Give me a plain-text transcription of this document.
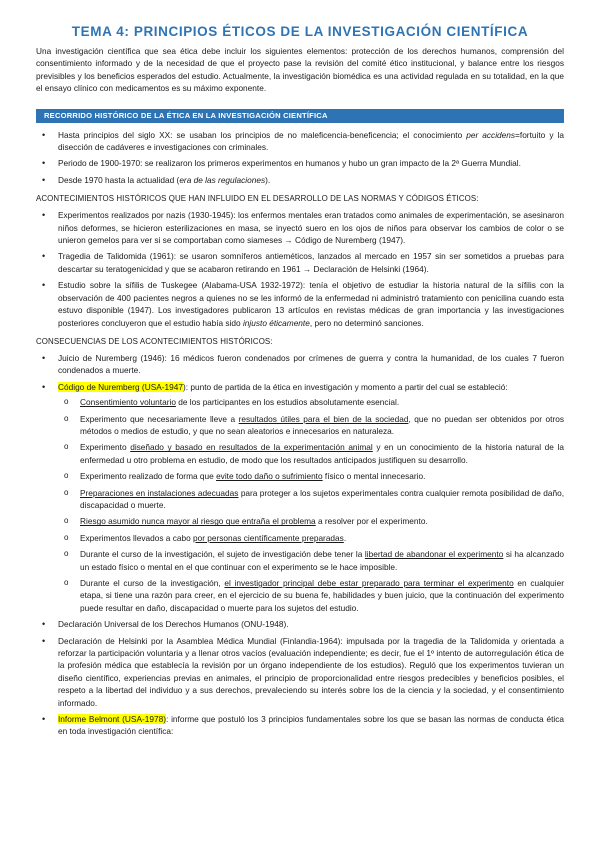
TEMA 4: PRINCIPIOS ÉTICOS DE LA INVESTIGACIÓN CIENTÍFICA

Una investigación científica que sea ética debe incluir los siguientes elementos: protección de los derechos humanos, comprensión del consentimiento informado y de la necesidad de que el proyecto pase la revisión del comité ético institucional, y balance entre los riesgos previsibles y los beneficios esperados del estudio. Actualmente, la investigación biomédica es una actividad regulada en su totalidad, en la que el ensayo clínico con medicamentos es su máximo exponente.

RECORRIDO HISTÓRICO DE LA ÉTICA EN LA INVESTIGACIÓN CIENTÍFICA
• Hasta principios del siglo XX: se usaban los principios de no maleficencia-beneficencia; el conocimiento per accidens=fortuito y la disección de cadáveres e investigaciones con criminales.
• Periodo de 1900-1970: se realizaron los primeros experimentos en humanos y hubo un gran impacto de la 2ª Guerra Mundial.
• Desde 1970 hasta la actualidad (era de las regulaciones).
ACONTECIMIENTOS HISTÓRICOS QUE HAN INFLUIDO EN EL DESARROLLO DE LAS NORMAS Y CÓDIGOS ÉTICOS:
• Experimentos realizados por nazis (1930-1945): los enfermos mentales eran tratados como animales de experimentación, se asesinaron niños deformes, se hicieron esterilizaciones en masa, se inyectó suero en los ojos de niños para observar los cambios de color o se unieron gemelos para ver si se comportaban como siameses → Código de Nuremberg (1947).
• Tragedia de Talidomida (1961): se usaron somníferos antieméticos, lanzados al mercado en 1957 sin ser sometidos a pruebas para descartar su teratogenicidad y que se acabaron retirando en 1961 → Declaración de Helsinki (1964).
• Estudio sobre la sífilis de Tuskegee (Alabama-USA 1932-1972): tenía el objetivo de estudiar la historia natural de la sífilis con la observación de 400 pacientes negros a quienes no se les informó de la enfermedad ni administró tratamiento con penicilina cuando esta estuvo disponible (1947). Los investigadores publicaron 13 artículos en revistas médicas de gran importancia y las investigaciones posteriores concluyeron que el estudio había sido injusto éticamente, pero no determinó sanciones.
CONSECUENCIAS DE LOS ACONTECIMIENTOS HISTÓRICOS:
• Juicio de Nuremberg (1946): 16 médicos fueron condenados por crímenes de guerra y contra la humanidad, de los cuales 7 fueron condenados a muerte.
• Código de Nuremberg (USA-1947): punto de partida de la ética en investigación y momento a partir del cual se estableció:
o Consentimiento voluntario de los participantes en los estudios absolutamente esencial.
o Experimento que necesariamente lleve a resultados útiles para el bien de la sociedad, que no puedan ser obtenidos por otros métodos o medios de estudio, y que no sean aleatorios e innecesarios en naturaleza.
o Experimento diseñado y basado en resultados de la experimentación animal y en un conocimiento de la historia natural de la enfermedad u otro problema en estudio, de modo que los resultados anticipados justifiquen su desarrollo.
o Experimento realizado de forma que evite todo daño o sufrimiento físico o mental innecesario.
o Preparaciones en instalaciones adecuadas para proteger a los sujetos experimentales contra cualquier remota posibilidad de daño, discapacidad o muerte.
o Riesgo asumido nunca mayor al riesgo que entraña el problema a resolver por el experimento.
o Experimentos llevados a cabo por personas científicamente preparadas.
o Durante el curso de la investigación, el sujeto de investigación debe tener la libertad de abandonar el experimento si ha alcanzado un estado físico o mental en el que continuar con el experimento se le hace imposible.
o Durante el curso de la investigación, el investigador principal debe estar preparado para terminar el experimento en cualquier etapa, si tiene una razón para creer, en el ejercicio de su buena fe, habilidades y buen juicio, que la continuación del experimento puede resultar en daño, discapacidad o muerte para los sujetos del estudio.
• Declaración Universal de los Derechos Humanos (ONU-1948).
• Declaración de Helsinki por la Asamblea Médica Mundial (Finlandia-1964): impulsada por la tragedia de la Talidomida y orientada a reforzar la participación voluntaria y a llenar otros vacíos (evaluación independiente; es decir, fue el 1º intento de autorregulación ética de la profesión médica que establecía la revisión por un órgano independiente de los estudios). Reguló que los experimentos tuvieran un diseño científico, experiencias previas en animales, el principio de proporcionalidad entre riesgos predecibles y beneficios posibles, el respeto a la libertad del individuo y a sus derechos, prevaleciendo su interés sobre los de la ciencia y la sociedad, y el consentimiento informado.
• Informe Belmont (USA-1978): informe que postuló los 3 principios fundamentales sobre los que se basan las normas de conducta ética en toda investigación científica:
